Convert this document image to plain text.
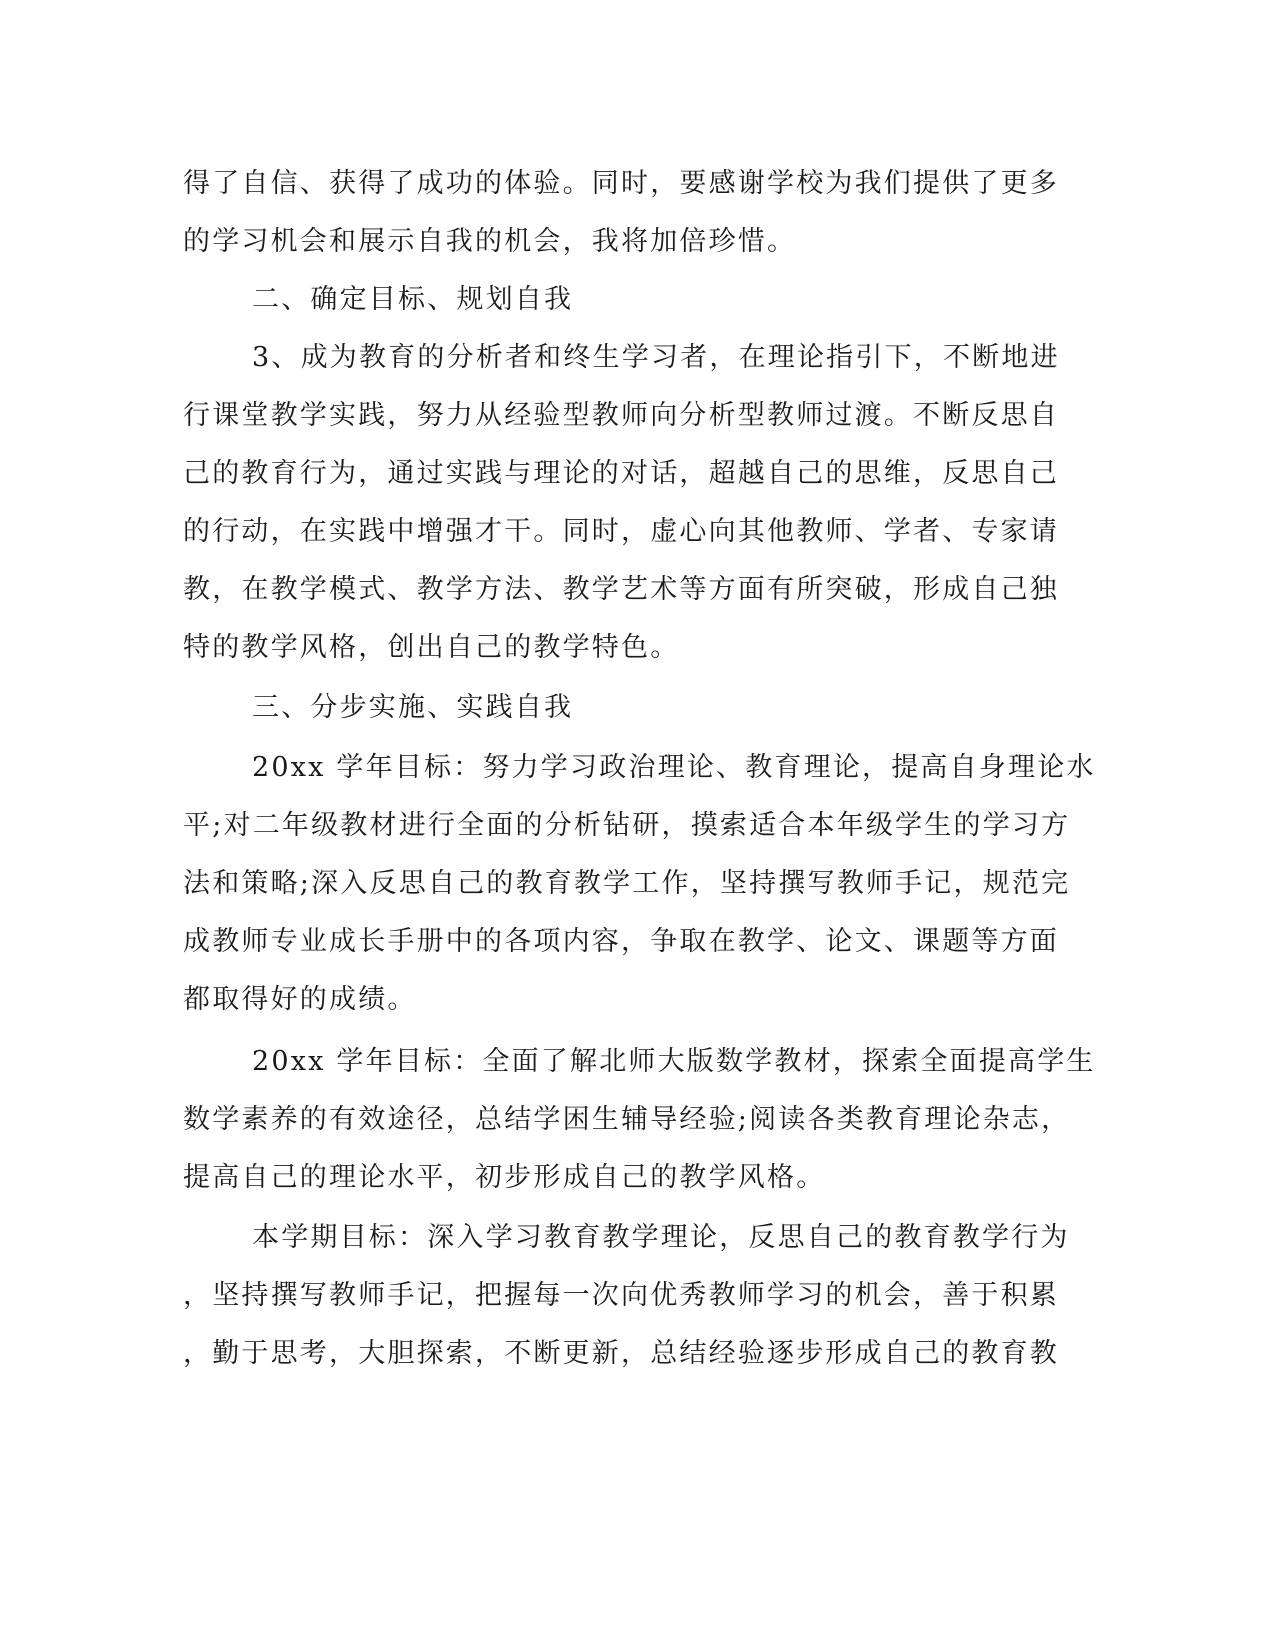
得了自信、获得了成功的体验。同时，要感谢学校为我们提供了更多
的学习机会和展示自我的机会，我将加倍珍惜。
二、确定目标、规划自我
3、成为教育的分析者和终生学习者，在理论指引下，不断地进
行课堂教学实践，努力从经验型教师向分析型教师过渡。不断反思自
己的教育行为，通过实践与理论的对话，超越自己的思维，反思自己
的行动，在实践中增强才干。同时，虚心向其他教师、学者、专家请
教，在教学模式、教学方法、教学艺术等方面有所突破，形成自己独
特的教学风格，创出自己的教学特色。
三、分步实施、实践自我
20xx 学年目标：努力学习政治理论、教育理论，提高自身理论水
平;对二年级教材进行全面的分析钻研，摸索适合本年级学生的学习方
法和策略;深入反思自己的教育教学工作，坚持撰写教师手记，规范完
成教师专业成长手册中的各项内容，争取在教学、论文、课题等方面
都取得好的成绩。
20xx 学年目标：全面了解北师大版数学教材，探索全面提高学生
数学素养的有效途径，总结学困生辅导经验;阅读各类教育理论杂志，
提高自己的理论水平，初步形成自己的教学风格。
本学期目标：深入学习教育教学理论，反思自己的教育教学行为
，坚持撰写教师手记，把握每一次向优秀教师学习的机会，善于积累
，勤于思考，大胆探索，不断更新，总结经验逐步形成自己的教育教
